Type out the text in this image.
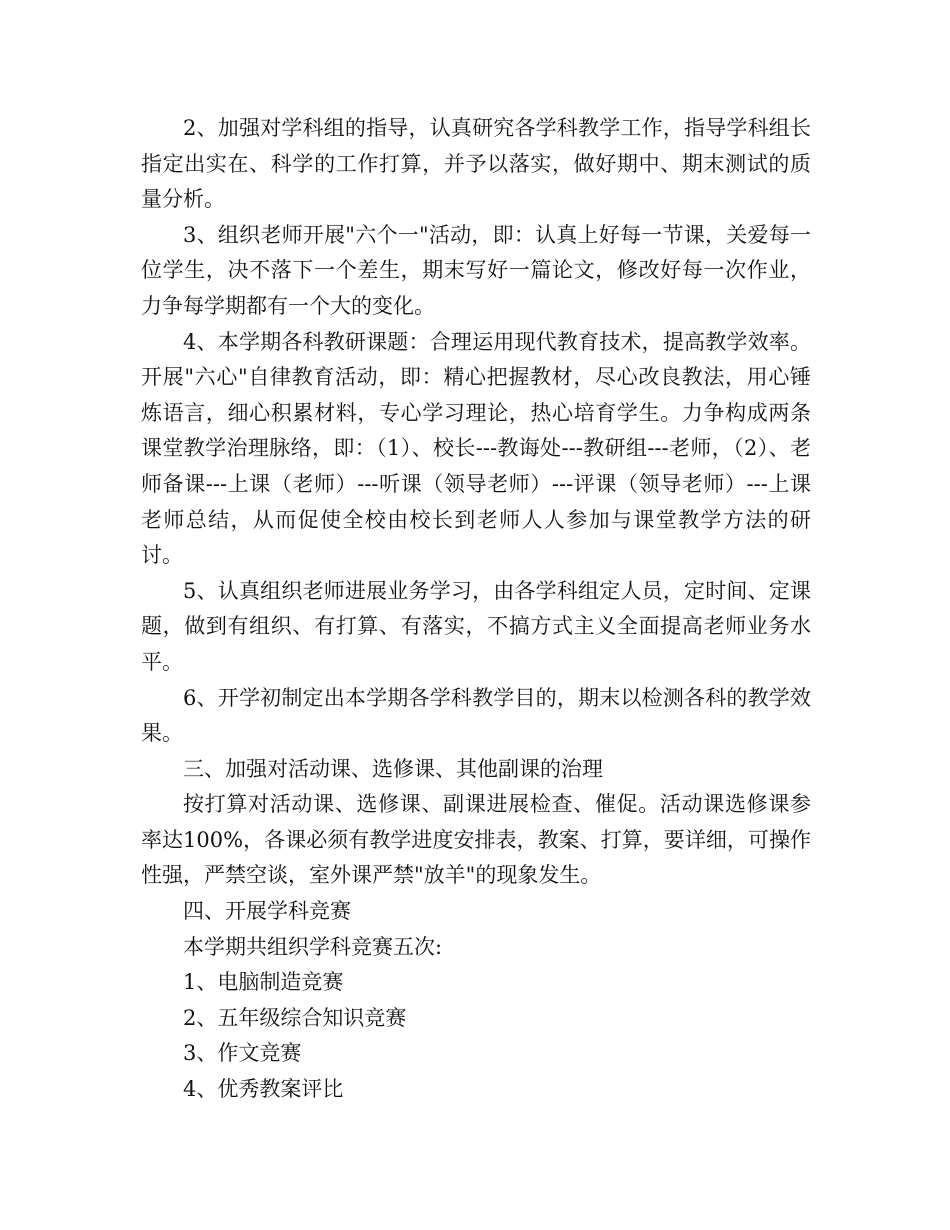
2、加强对学科组的指导，认真研究各学科教学工作，指导学科组长指定出实在、科学的工作打算，并予以落实，做好期中、期末测试的质量分析。

3、组织老师开展"六个一"活动，即：认真上好每一节课，关爱每一位学生，决不落下一个差生，期末写好一篇论文，修改好每一次作业，力争每学期都有一个大的变化。

4、本学期各科教研课题：合理运用现代教育技术，提高教学效率。开展"六心"自律教育活动，即：精心把握教材，尽心改良教法，用心锤炼语言，细心积累材料，专心学习理论，热心培育学生。力争构成两条课堂教学治理脉络，即：（1）、校长---教诲处---教研组---老师，（2）、老师备课---上课（老师）---听课（领导老师）---评课（领导老师）---上课老师总结，从而促使全校由校长到老师人人参加与课堂教学方法的研讨。

5、认真组织老师进展业务学习，由各学科组定人员，定时间、定课题，做到有组织、有打算、有落实，不搞方式主义全面提高老师业务水平。

6、开学初制定出本学期各学科教学目的，期末以检测各科的教学效果。

三、加强对活动课、选修课、其他副课的治理

按打算对活动课、选修课、副课进展检查、催促。活动课选修课参率达100%，各课必须有教学进度安排表，教案、打算，要详细，可操作性强，严禁空谈，室外课严禁"放羊"的现象发生。

四、开展学科竞赛

本学期共组织学科竞赛五次:

1、电脑制造竞赛

2、五年级综合知识竞赛

3、作文竞赛

4、优秀教案评比
